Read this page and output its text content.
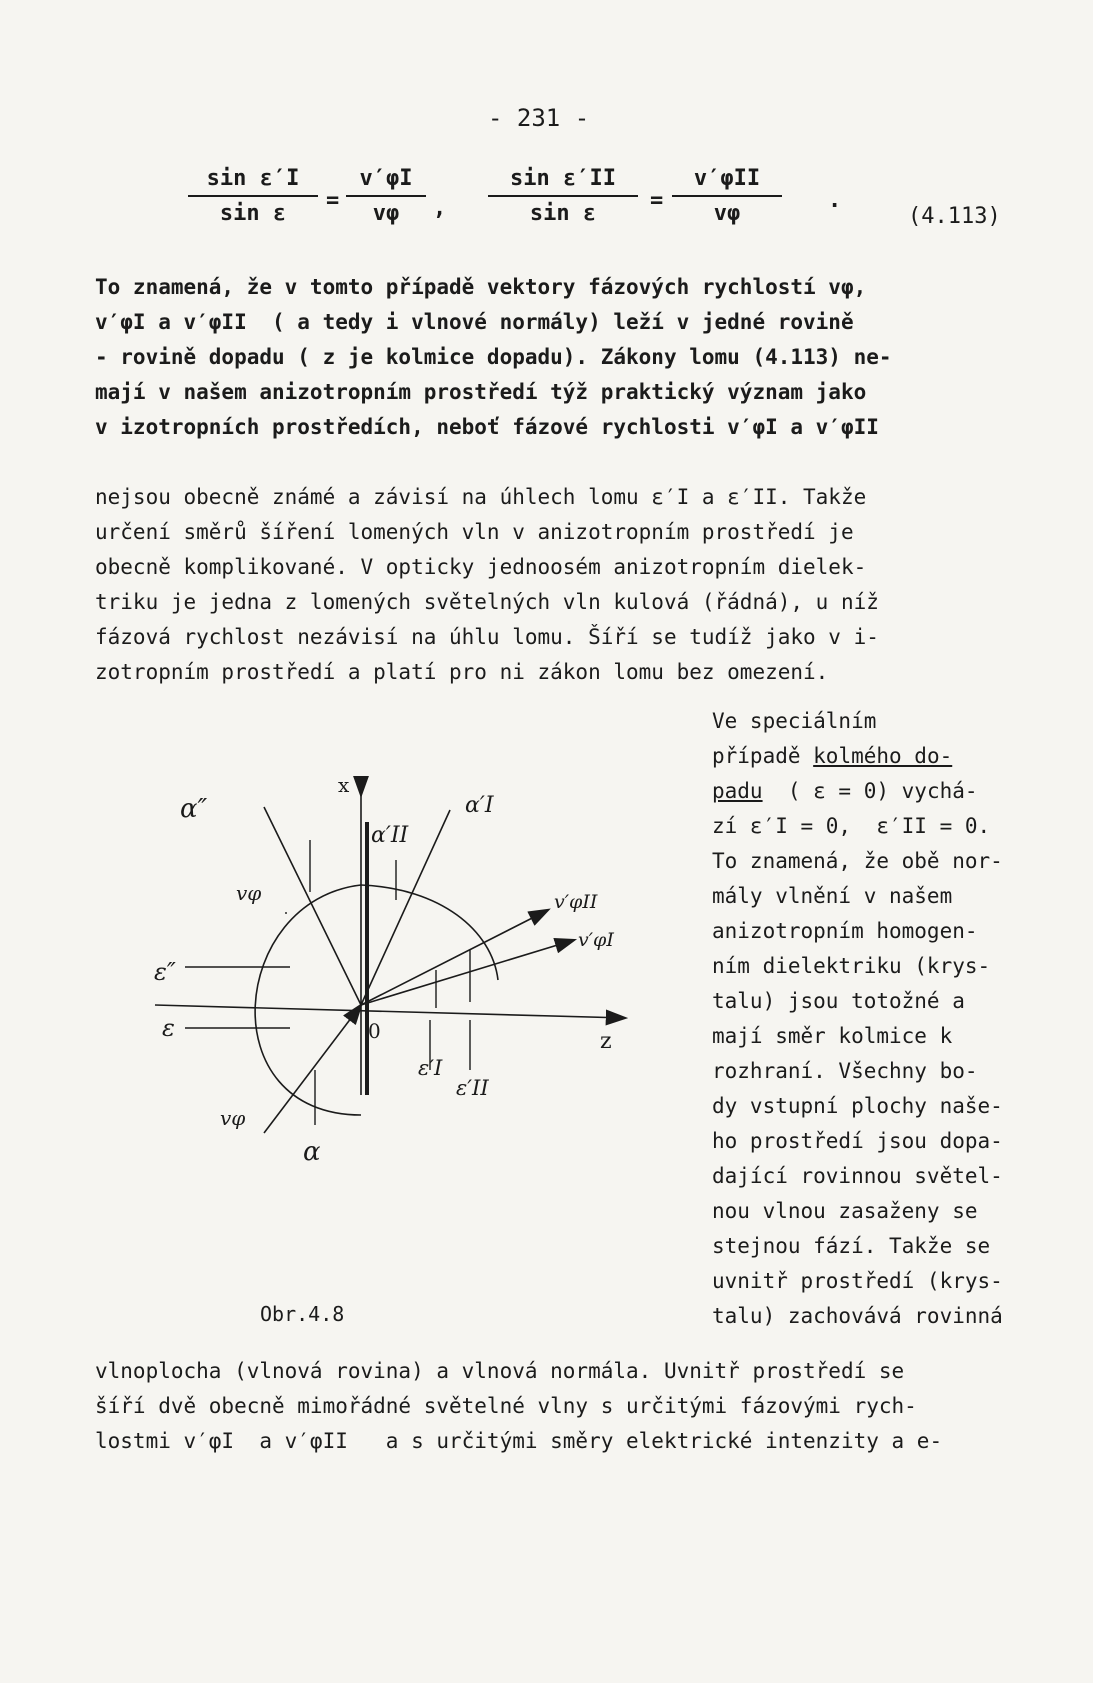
- 231 -
$\frac{\text{sin ε′I}}{\text{sin ε}} = \frac{v'\varphi I}{v\varphi}$ , $\frac{\text{sin ε′II}}{\text{sin ε}}$ =
v′φII
vφ
.
(4.113)
To znamená, že v tomto případě vektory fázových rychlostí vφ,
v′φI a v′φII  ( a tedy i vlnové normály) leží v jedné rovině
- rovině dopadu ( z je kolmice dopadu). Zákony lomu (4.113) ne-
mají v našem anizotropním prostředí týž praktický význam jako
v izotropních prostředích, neboť fázové rychlosti v′φI a v′φII
nejsou obecně známé a závisí na úhlech lomu ε′I a ε′II. Takže
určení směrů šíření lomených vln v anizotropním prostředí je
obecně komplikované. V opticky jednoosém anizotropním dielek-
triku je jedna z lomených světelných vln kulová (řádná), u níž
fázová rychlost nezávisí na úhlu lomu. Šíří se tudíž jako v i-
zotropním prostředí a platí pro ni zákon lomu bez omezení.
Ve speciálním
případě kolmého do-
padu  ( ε = 0) vychá-
zí ε′I = 0,  ε′II = 0.
To znamená, že obě nor-
mály vlnění v našem
anizotropním homogen-
ním dielektriku (krys-
talu) jsou totožné a
mají směr kolmice k
rozhraní. Všechny bo-
dy vstupní plochy naše-
ho prostředí jsou dopa-
dající rovinnou světel-
nou vlnou zasaženy se
stejnou fází. Takže se
uvnitř prostředí (krys-
talu) zachovává rovinná
α″
x
α′II
α′I
vφ	v′φII
v′φI
ε″
ε	0	z
ε′I
ε′II
vφ
α
Obr.4.8
vlnoplocha (vlnová rovina) a vlnová normála. Uvnitř prostředí se
šíří dvě obecně mimořádné světelné vlny s určitými fázovými rych-
lostmi v′φI  a v′φII   a s určitými směry elektrické intenzity a e-
